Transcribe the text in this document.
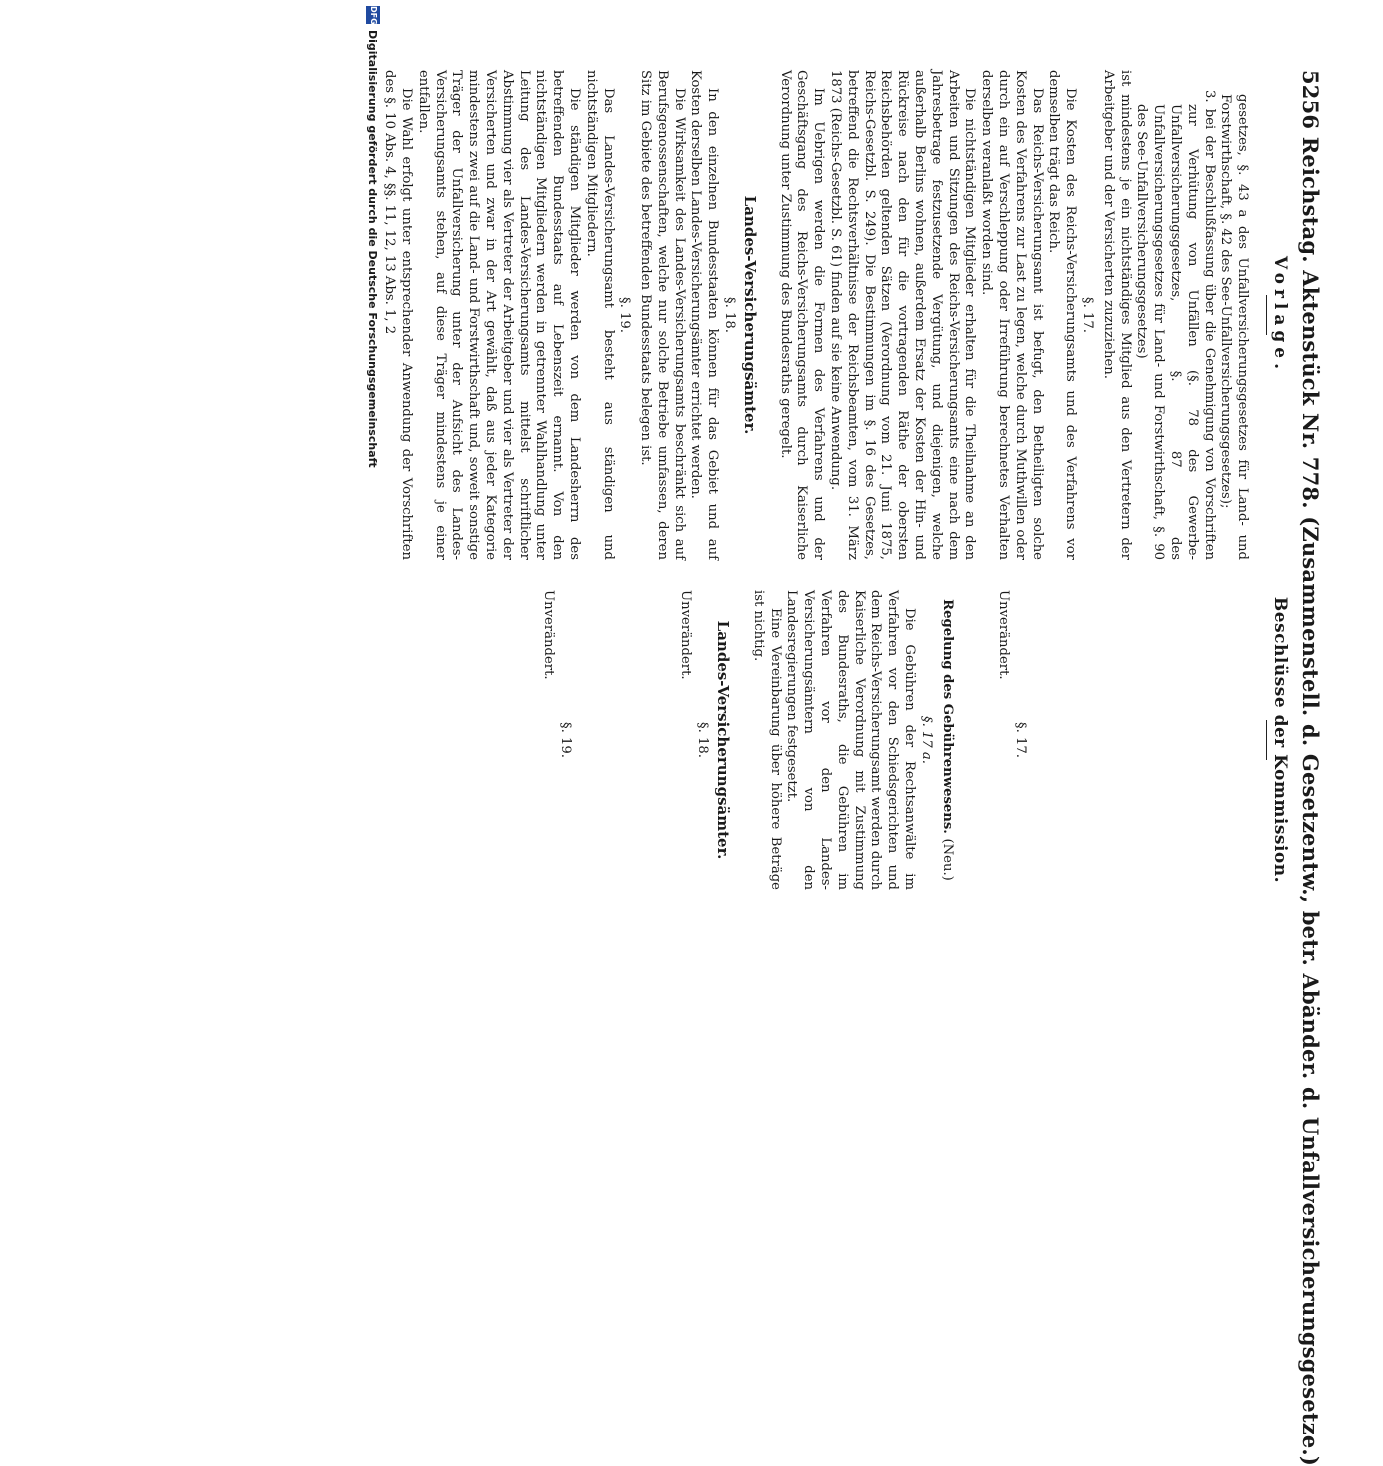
5256 Reichstag. Aktenstück Nr. 778. (Zusammenstell. d. Gesetzentw., betr. Abänder. d. Unfallversicherungsgesetze.)

Vorlage.

gesetzes, §. 43 a des Unfallversicherungsgesetzes für Land- und Forstwirthschaft, §. 42 des See-Unfallversicherungsgesetzes);

3. bei der Beschlußfassung über die Genehmigung von Vorschriften zur Verhütung von Unfällen (§. 78 des Gewerbe-Unfallversicherungsgesetzes, §. 87 des Unfallversicherungsgesetzes für Land- und Forstwirthschaft, §. 90 des See-Unfallversicherungsgesetzes)

ist mindestens je ein nichtständiges Mitglied aus den Vertretern der Arbeitgeber und der Versicherten zuzuziehen.

§. 17.

Die Kosten des Reichs-Versicherungsamts und des Verfahrens vor demselben trägt das Reich.

Das Reichs-Versicherungsamt ist befugt, den Betheiligten solche Kosten des Verfahrens zur Last zu legen, welche durch Muthwillen oder durch ein auf Verschleppung oder Irreführung berechnetes Verhalten derselben veranlaßt worden sind.

Die nichtständigen Mitglieder erhalten für die Theilnahme an den Arbeiten und Sitzungen des Reichs-Versicherungsamts eine nach dem Jahresbetrage festzusetzende Vergütung, und diejenigen, welche außerhalb Berlins wohnen, außerdem Ersatz der Kosten der Hin- und Rückreise nach den für die vortragenden Räthe der obersten Reichsbehörden geltenden Sätzen (Verordnung vom 21. Juni 1875, Reichs-Gesetzbl. S. 249). Die Bestimmungen im §. 16 des Gesetzes, betreffend die Rechtsverhältnisse der Reichsbeamten, vom 31. März 1873 (Reichs-Gesetzbl. S. 61) finden auf sie keine Anwendung.

Im Uebrigen werden die Formen des Verfahrens und der Geschäftsgang des Reichs-Versicherungsamts durch Kaiserliche Verordnung unter Zustimmung des Bundesraths geregelt.

Landes-Versicherungsämter.

§. 18.

In den einzelnen Bundesstaaten können für das Gebiet und auf Kosten derselben Landes-Versicherungsämter errichtet werden.

Die Wirksamkeit des Landes-Versicherungsamts beschränkt sich auf Berufsgenossenschaften, welche nur solche Betriebe umfassen, deren Sitz im Gebiete des betreffenden Bundesstaats belegen ist.

§. 19.

Das Landes-Versicherungsamt besteht aus ständigen und nichtständigen Mitgliedern.

Die ständigen Mitglieder werden von dem Landesherrn des betreffenden Bundesstaats auf Lebenszeit ernannt. Von den nichtständigen Mitgliedern werden in getrennter Wahlhandlung unter Leitung des Landes-Versicherungsamts mittelst schriftlicher Abstimmung vier als Vertreter der Arbeitgeber und vier als Vertreter der Versicherten und zwar in der Art gewählt, daß aus jeder Kategorie mindestens zwei auf die Land- und Forstwirthschaft und, soweit sonstige Träger der Unfallversicherung unter der Aufsicht des Landes-Versicherungsamts stehen, auf diese Träger mindestens je einer entfallen.

Die Wahl erfolgt unter entsprechender Anwendung der Vorschriften des §. 10 Abs. 4, §§. 11, 12, 13 Abs. 1, 2

Beschlüsse der Kommission.

§. 17.

Unverändert.

Regelung des Gebührenwesens. (Neu.)

§. 17 a.

Die Gebühren der Rechtsanwälte im Verfahren vor den Schiedsgerichten und dem Reichs-Versicherungsamt werden durch Kaiserliche Verordnung mit Zustimmung des Bundesraths, die Gebühren im Verfahren vor den Landes-Versicherungsämtern von den Landesregierungen festgesetzt.

Eine Vereinbarung über höhere Beträge ist nichtig.

Landes-Versicherungsämter.

§. 18.

Unverändert.

§. 19.

Unverändert.

DFG
Digitalisierung gefördert durch die Deutsche Forschungsgemeinschaft
